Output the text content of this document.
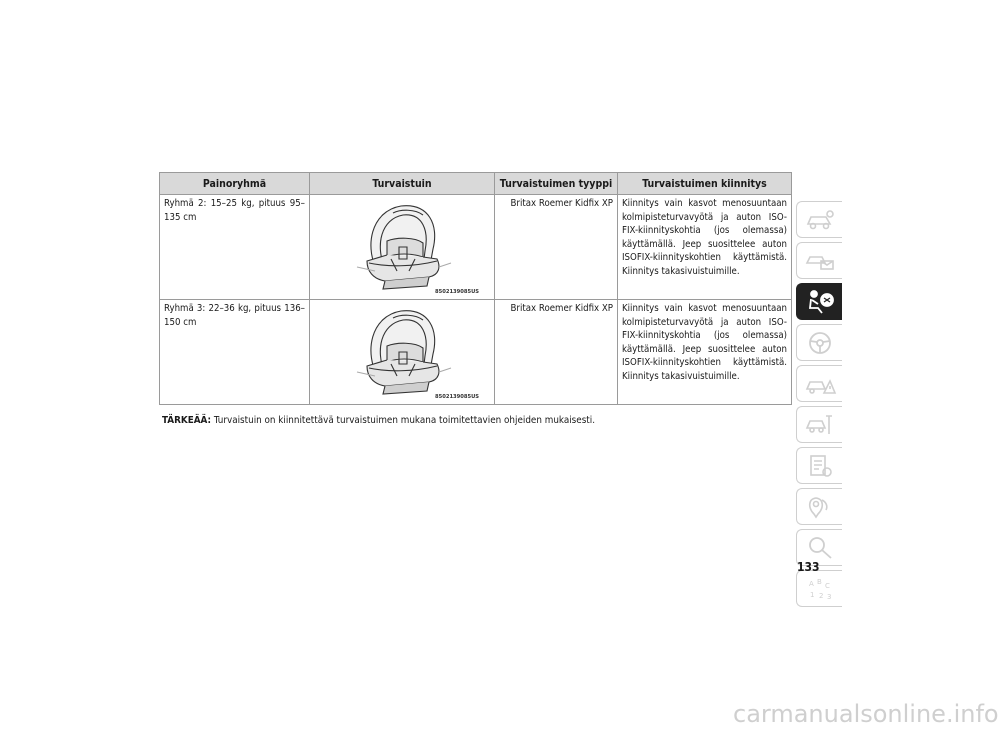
Painoryhmä	Turvaistuin	Turvaistuimen tyyppi	Turvaistuimen kiinnitys
Ryhmä 2: 15–25 kg, pituus 95–135 cm	8502139085US	Britax Roemer Kidfix XP	Kiinnitys vain kasvot menosuuntaan kolmipisteturvavyötä ja auton ISO-FIX-kiinnityskohtia (jos olemassa) käyttämällä. Jeep suosittelee auton ISOFIX-kiinnityskohtien käyttämistä. Kiinnitys takasivuistuimille.
Ryhmä 3: 22–36 kg, pituus 136–150 cm	8502139085US	Britax Roemer Kidfix XP	Kiinnitys vain kasvot menosuuntaan kolmipisteturvavyötä ja auton ISO-FIX-kiinnityskohtia (jos olemassa) käyttämällä. Jeep suosittelee auton ISOFIX-kiinnityskohtien käyttämistä. Kiinnitys takasivuistuimille.
TÄRKEÄÄ: Turvaistuin on kiinnitettävä turvaistuimen mukana toimitettavien ohjeiden mukaisesti.
A B C
1 2 3
133
carmanualsonline.info
